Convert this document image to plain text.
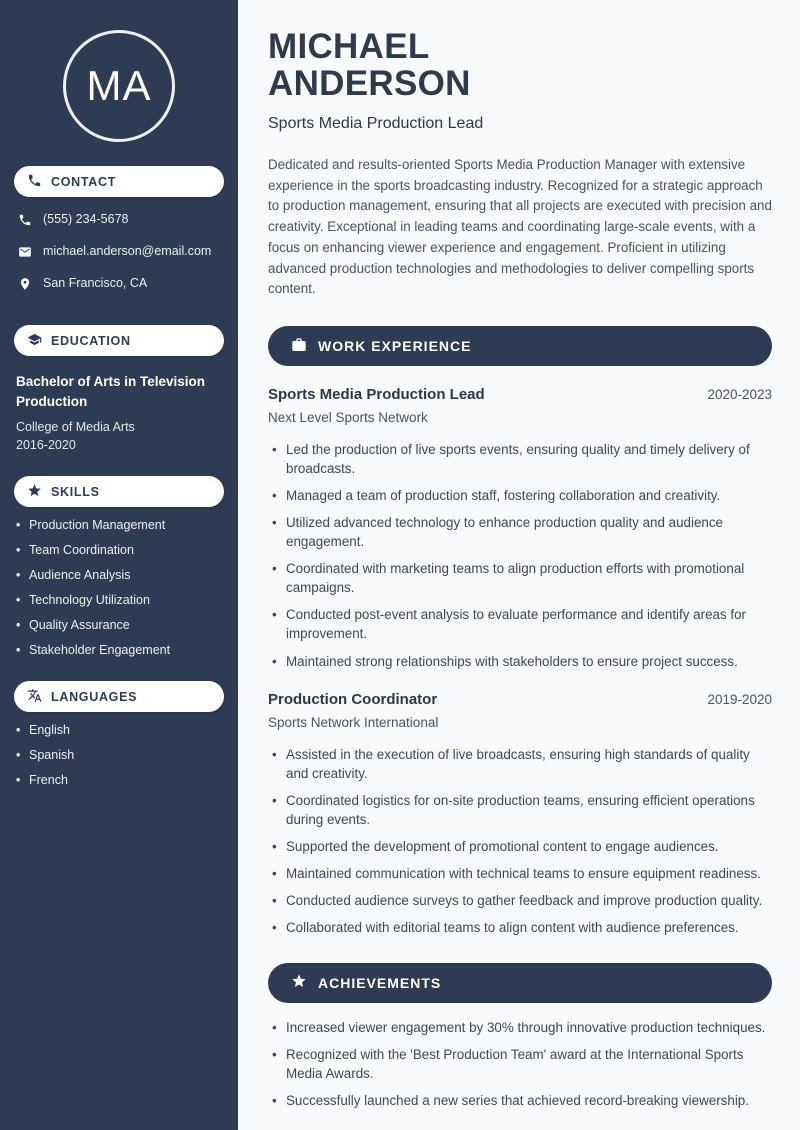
MA
CONTACT
(555) 234-5678
michael.anderson@email.com
San Francisco, CA
EDUCATION
Bachelor of Arts in Television Production
College of Media Arts
2016-2020
SKILLS
• Production Management
• Team Coordination
• Audience Analysis
• Technology Utilization
• Quality Assurance
• Stakeholder Engagement
LANGUAGES
• English
• Spanish
• French
MICHAEL
ANDERSON
Sports Media Production Lead

Dedicated and results-oriented Sports Media Production Manager with extensive experience in the sports broadcasting industry. Recognized for a strategic approach to production management, ensuring that all projects are executed with precision and creativity. Exceptional in leading teams and coordinating large-scale events, with a focus on enhancing viewer experience and engagement. Proficient in utilizing advanced production technologies and methodologies to deliver compelling sports content.

WORK EXPERIENCE
Sports Media Production Lead	2020-2023
Next Level Sports Network
• Led the production of live sports events, ensuring quality and timely delivery of broadcasts.
• Managed a team of production staff, fostering collaboration and creativity.
• Utilized advanced technology to enhance production quality and audience engagement.
• Coordinated with marketing teams to align production efforts with promotional campaigns.
• Conducted post-event analysis to evaluate performance and identify areas for improvement.
• Maintained strong relationships with stakeholders to ensure project success.
Production Coordinator	2019-2020
Sports Network International
• Assisted in the execution of live broadcasts, ensuring high standards of quality and creativity.
• Coordinated logistics for on-site production teams, ensuring efficient operations during events.
• Supported the development of promotional content to engage audiences.
• Maintained communication with technical teams to ensure equipment readiness.
• Conducted audience surveys to gather feedback and improve production quality.
• Collaborated with editorial teams to align content with audience preferences.
ACHIEVEMENTS
• Increased viewer engagement by 30% through innovative production techniques.
• Recognized with the 'Best Production Team' award at the International Sports Media Awards.
• Successfully launched a new series that achieved record-breaking viewership.
